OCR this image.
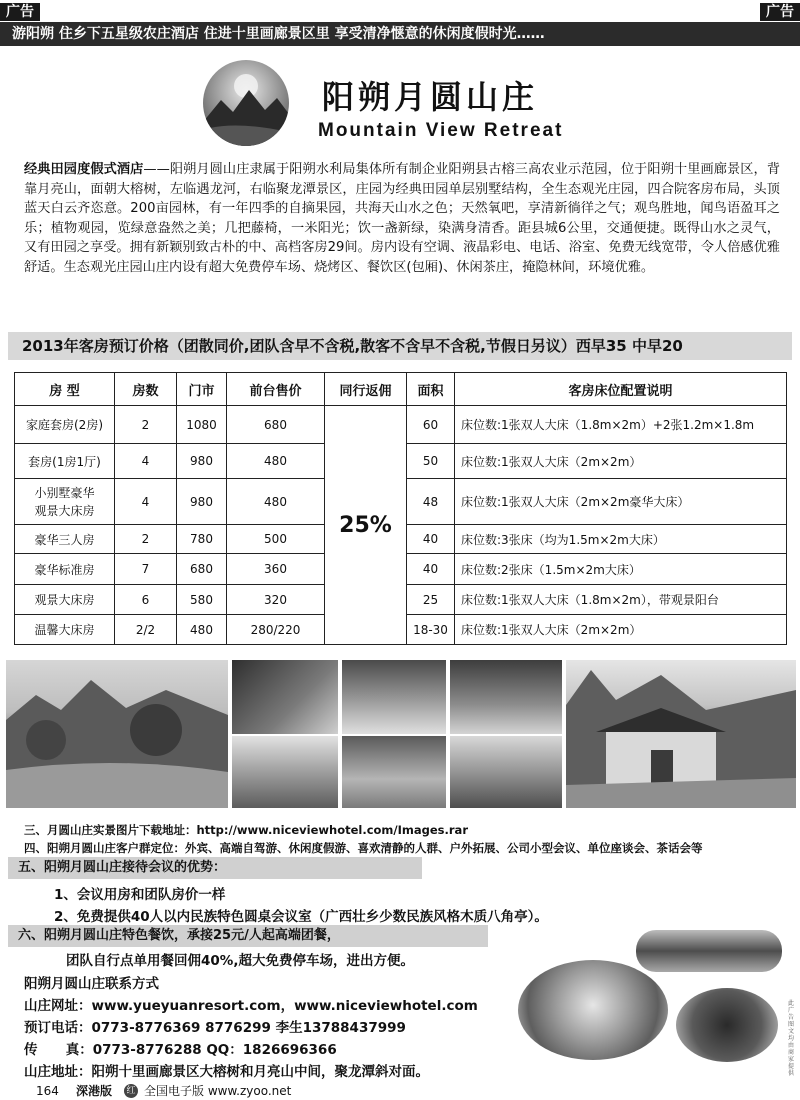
广告	广告
游阳朔 住乡下五星级农庄酒店 住进十里画廊景区里 享受清净惬意的休闲度假时光……
阳朔月圆山庄
Mountain View Retreat
经典田园度假式酒店——阳朔月圆山庄隶属于阳朔水利局集体所有制企业阳朔县古榕三高农业示范园，位于阳朔十里画廊景区，背靠月亮山，面朝大榕树，左临遇龙河，右临聚龙潭景区，庄园为经典田园单层别墅结构，全生态观光庄园，四合院客房布局，头顶蓝天白云齐恣意。200亩园林，有一年四季的自摘果园，共海天山水之色；天然氧吧，享清新徜徉之气；观鸟胜地，闻鸟语盈耳之乐；植物观园，览绿意盎然之美；几把藤椅，一米阳光；饮一盏新绿，染满身清香。距县城6公里，交通便捷。既得山水之灵气，又有田园之享受。拥有新颖别致古朴的中、高档客房29间。房内设有空调、液晶彩电、电话、浴室、免费无线宽带，令人倍感优雅舒适。生态观光庄园山庄内设有超大免费停车场、烧烤区、餐饮区(包厢)、休闲茶庄，掩隐林间，环境优雅。
2013年客房预订价格（团散同价,团队含早不含税,散客不含早不含税,节假日另议）西早35 中早20
房 型	房数	门市	前台售价	同行返佣	面积	客房床位配置说明
家庭套房(2房)	2	1080	680	25%	60	床位数:1张双人大床（1.8m×2m）+2张1.2m×1.8m
套房(1房1厅)	4	980	480		50	床位数:1张双人大床（2m×2m）
小别墅豪华
观景大床房	4	980	480		48	床位数:1张双人大床（2m×2m豪华大床）
豪华三人房	2	780	500		40	床位数:3张床（均为1.5m×2m大床）
豪华标准房	7	680	360		40	床位数:2张床（1.5m×2m大床）
观景大床房	6	580	320		25	床位数:1张双人大床（1.8m×2m），带观景阳台
温馨大床房	2/2	480	280/220		18-30	床位数:1张双人大床（2m×2m）
三、月圆山庄实景图片下载地址：http://www.niceviewhotel.com/Images.rar
四、阳朔月圆山庄客户群定位：外宾、高端自驾游、休闲度假游、喜欢清静的人群、户外拓展、公司小型会议、单位座谈会、茶话会等
五、阳朔月圆山庄接待会议的优势：
1、会议用房和团队房价一样
2、免费提供40人以内民族特色圆桌会议室（广西壮乡少数民族风格木质八角亭）。
六、阳朔月圆山庄特色餐饮，承接25元/人起高端团餐，
团队自行点单用餐回佣40%,超大免费停车场，进出方便。
此广告图文均由商家提供
阳朔月圆山庄联系方式
山庄网址：www.yueyuanresort.com，www.niceviewhotel.com
预订电话：0773-8776369 8776299 李生13788437999
传      真：0773-8776288 QQ：1826696366
山庄地址：阳朔十里画廊景区大榕树和月亮山中间，聚龙潭斜对面。
164 深港版 红 全国电子版 www.zyoo.net
